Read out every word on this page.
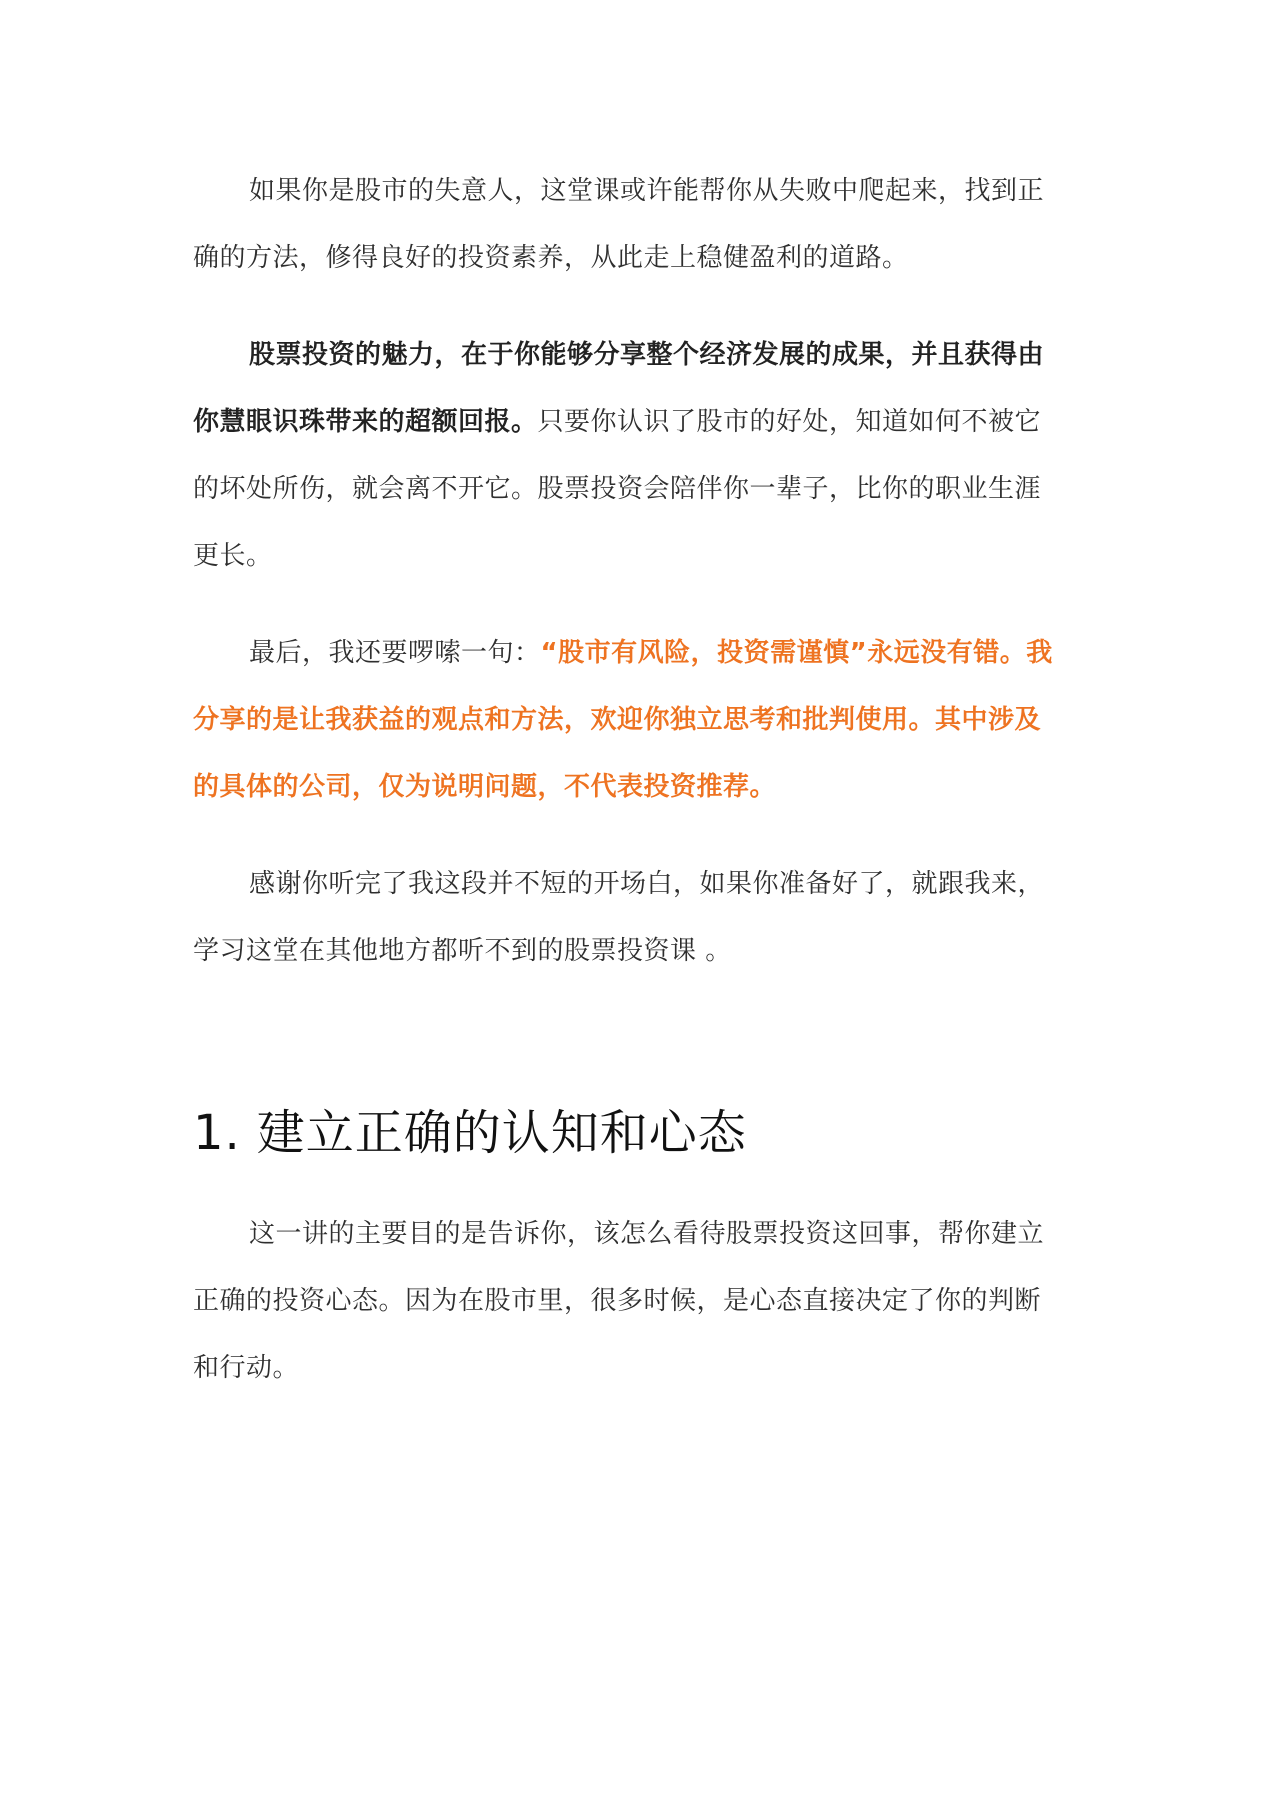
如果你是股市的失意人，这堂课或许能帮你从失败中爬起来，找到正确的方法，修得良好的投资素养，从此走上稳健盈利的道路。

股票投资的魅力，在于你能够分享整个经济发展的成果，并且获得由你慧眼识珠带来的超额回报。只要你认识了股市的好处，知道如何不被它的坏处所伤，就会离不开它。股票投资会陪伴你一辈子，比你的职业生涯更长。

最后，我还要啰嗦一句：“股市有风险，投资需谨慎”永远没有错。我分享的是让我获益的观点和方法，欢迎你独立思考和批判使用。其中涉及的具体的公司，仅为说明问题，不代表投资推荐。

感谢你听完了我这段并不短的开场白，如果你准备好了，就跟我来，学习这堂在其他地方都听不到的股票投资课 。

1. 建立正确的认知和心态

这一讲的主要目的是告诉你，该怎么看待股票投资这回事，帮你建立正确的投资心态。因为在股市里，很多时候，是心态直接决定了你的判断和行动。
